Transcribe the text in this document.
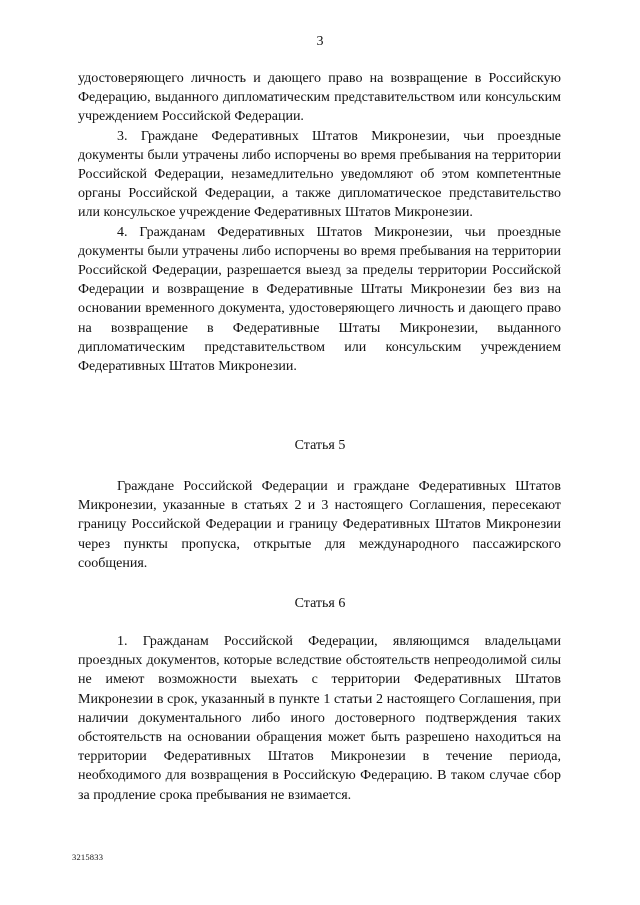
3

удостоверяющего личность и дающего право на возвращение в Российскую Федерацию, выданного дипломатическим представительством или консульским учреждением Российской Федерации.

3. Граждане Федеративных Штатов Микронезии, чьи проездные документы были утрачены либо испорчены во время пребывания на территории Российской Федерации, незамедлительно уведомляют об этом компетентные органы Российской Федерации, а также дипломатическое представительство или консульское учреждение Федеративных Штатов Микронезии.

4. Гражданам Федеративных Штатов Микронезии, чьи проездные документы были утрачены либо испорчены во время пребывания на территории Российской Федерации, разрешается выезд за пределы территории Российской Федерации и возвращение в Федеративные Штаты Микронезии без виз на основании временного документа, удостоверяющего личность и дающего право на возвращение в Федеративные Штаты Микронезии, выданного дипломатическим представительством или консульским учреждением Федеративных Штатов Микронезии.

Статья 5

Граждане Российской Федерации и граждане Федеративных Штатов Микронезии, указанные в статьях 2 и 3 настоящего Соглашения, пересекают границу Российской Федерации и границу Федеративных Штатов Микронезии через пункты пропуска, открытые для международного пассажирского сообщения.

Статья 6

1. Гражданам Российской Федерации, являющимся владельцами проездных документов, которые вследствие обстоятельств непреодолимой силы не имеют возможности выехать с территории Федеративных Штатов Микронезии в срок, указанный в пункте 1 статьи 2 настоящего Соглашения, при наличии документального либо иного достоверного подтверждения таких обстоятельств на основании обращения может быть разрешено находиться на территории Федеративных Штатов Микронезии в течение периода, необходимого для возвращения в Российскую Федерацию. В таком случае сбор за продление срока пребывания не взимается.

3215833
